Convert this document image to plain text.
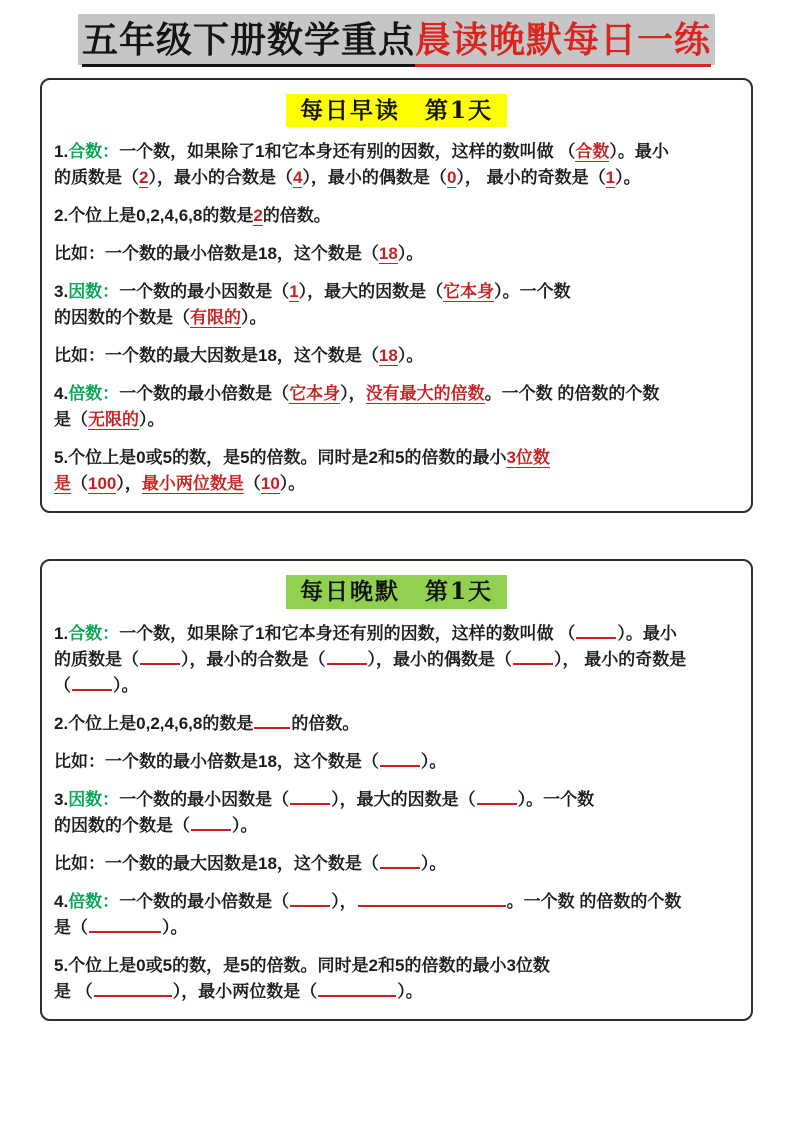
五年级下册数学重点晨读晚默每日一练
每日早读　第1天
1.合数：一个数，如果除了1和它本身还有别的因数，这样的数叫做 （合数）。最小
的质数是（2），最小的合数是（4），最小的偶数是（0）， 最小的奇数是（1）。
2.个位上是0,2,4,6,8的数是2的倍数。
比如：一个数的最小倍数是18，这个数是（18）。
3.因数：一个数的最小因数是（1），最大的因数是（它本身）。一个数
的因数的个数是（有限的）。
比如：一个数的最大因数是18，这个数是（18）。
4.倍数：一个数的最小倍数是（它本身），没有最大的倍数。一个数 的倍数的个数
是（无限的）。
5.个位上是0或5的数，是5的倍数。同时是2和5的倍数的最小3位数
是（100），最小两位数是（10）。
每日晚默　第1天
1.合数：一个数，如果除了1和它本身还有别的因数，这样的数叫做 （ ）。最小
的质数是（ ），最小的合数是（ ），最小的偶数是（ ）， 最小的奇数是
（ ）。
2.个位上是0,2,4,6,8的数是 的倍数。
比如：一个数的最小倍数是18，这个数是（ ）。
3.因数：一个数的最小因数是（ ），最大的因数是（ ）。一个数
的因数的个数是（ ）。
比如：一个数的最大因数是18，这个数是（ ）。
4.倍数：一个数的最小倍数是（ ），	。一个数 的倍数的个数
是（	）。
5.个位上是0或5的数，是5的倍数。同时是2和5的倍数的最小3位数
是 （	），最小两位数是（	）。
